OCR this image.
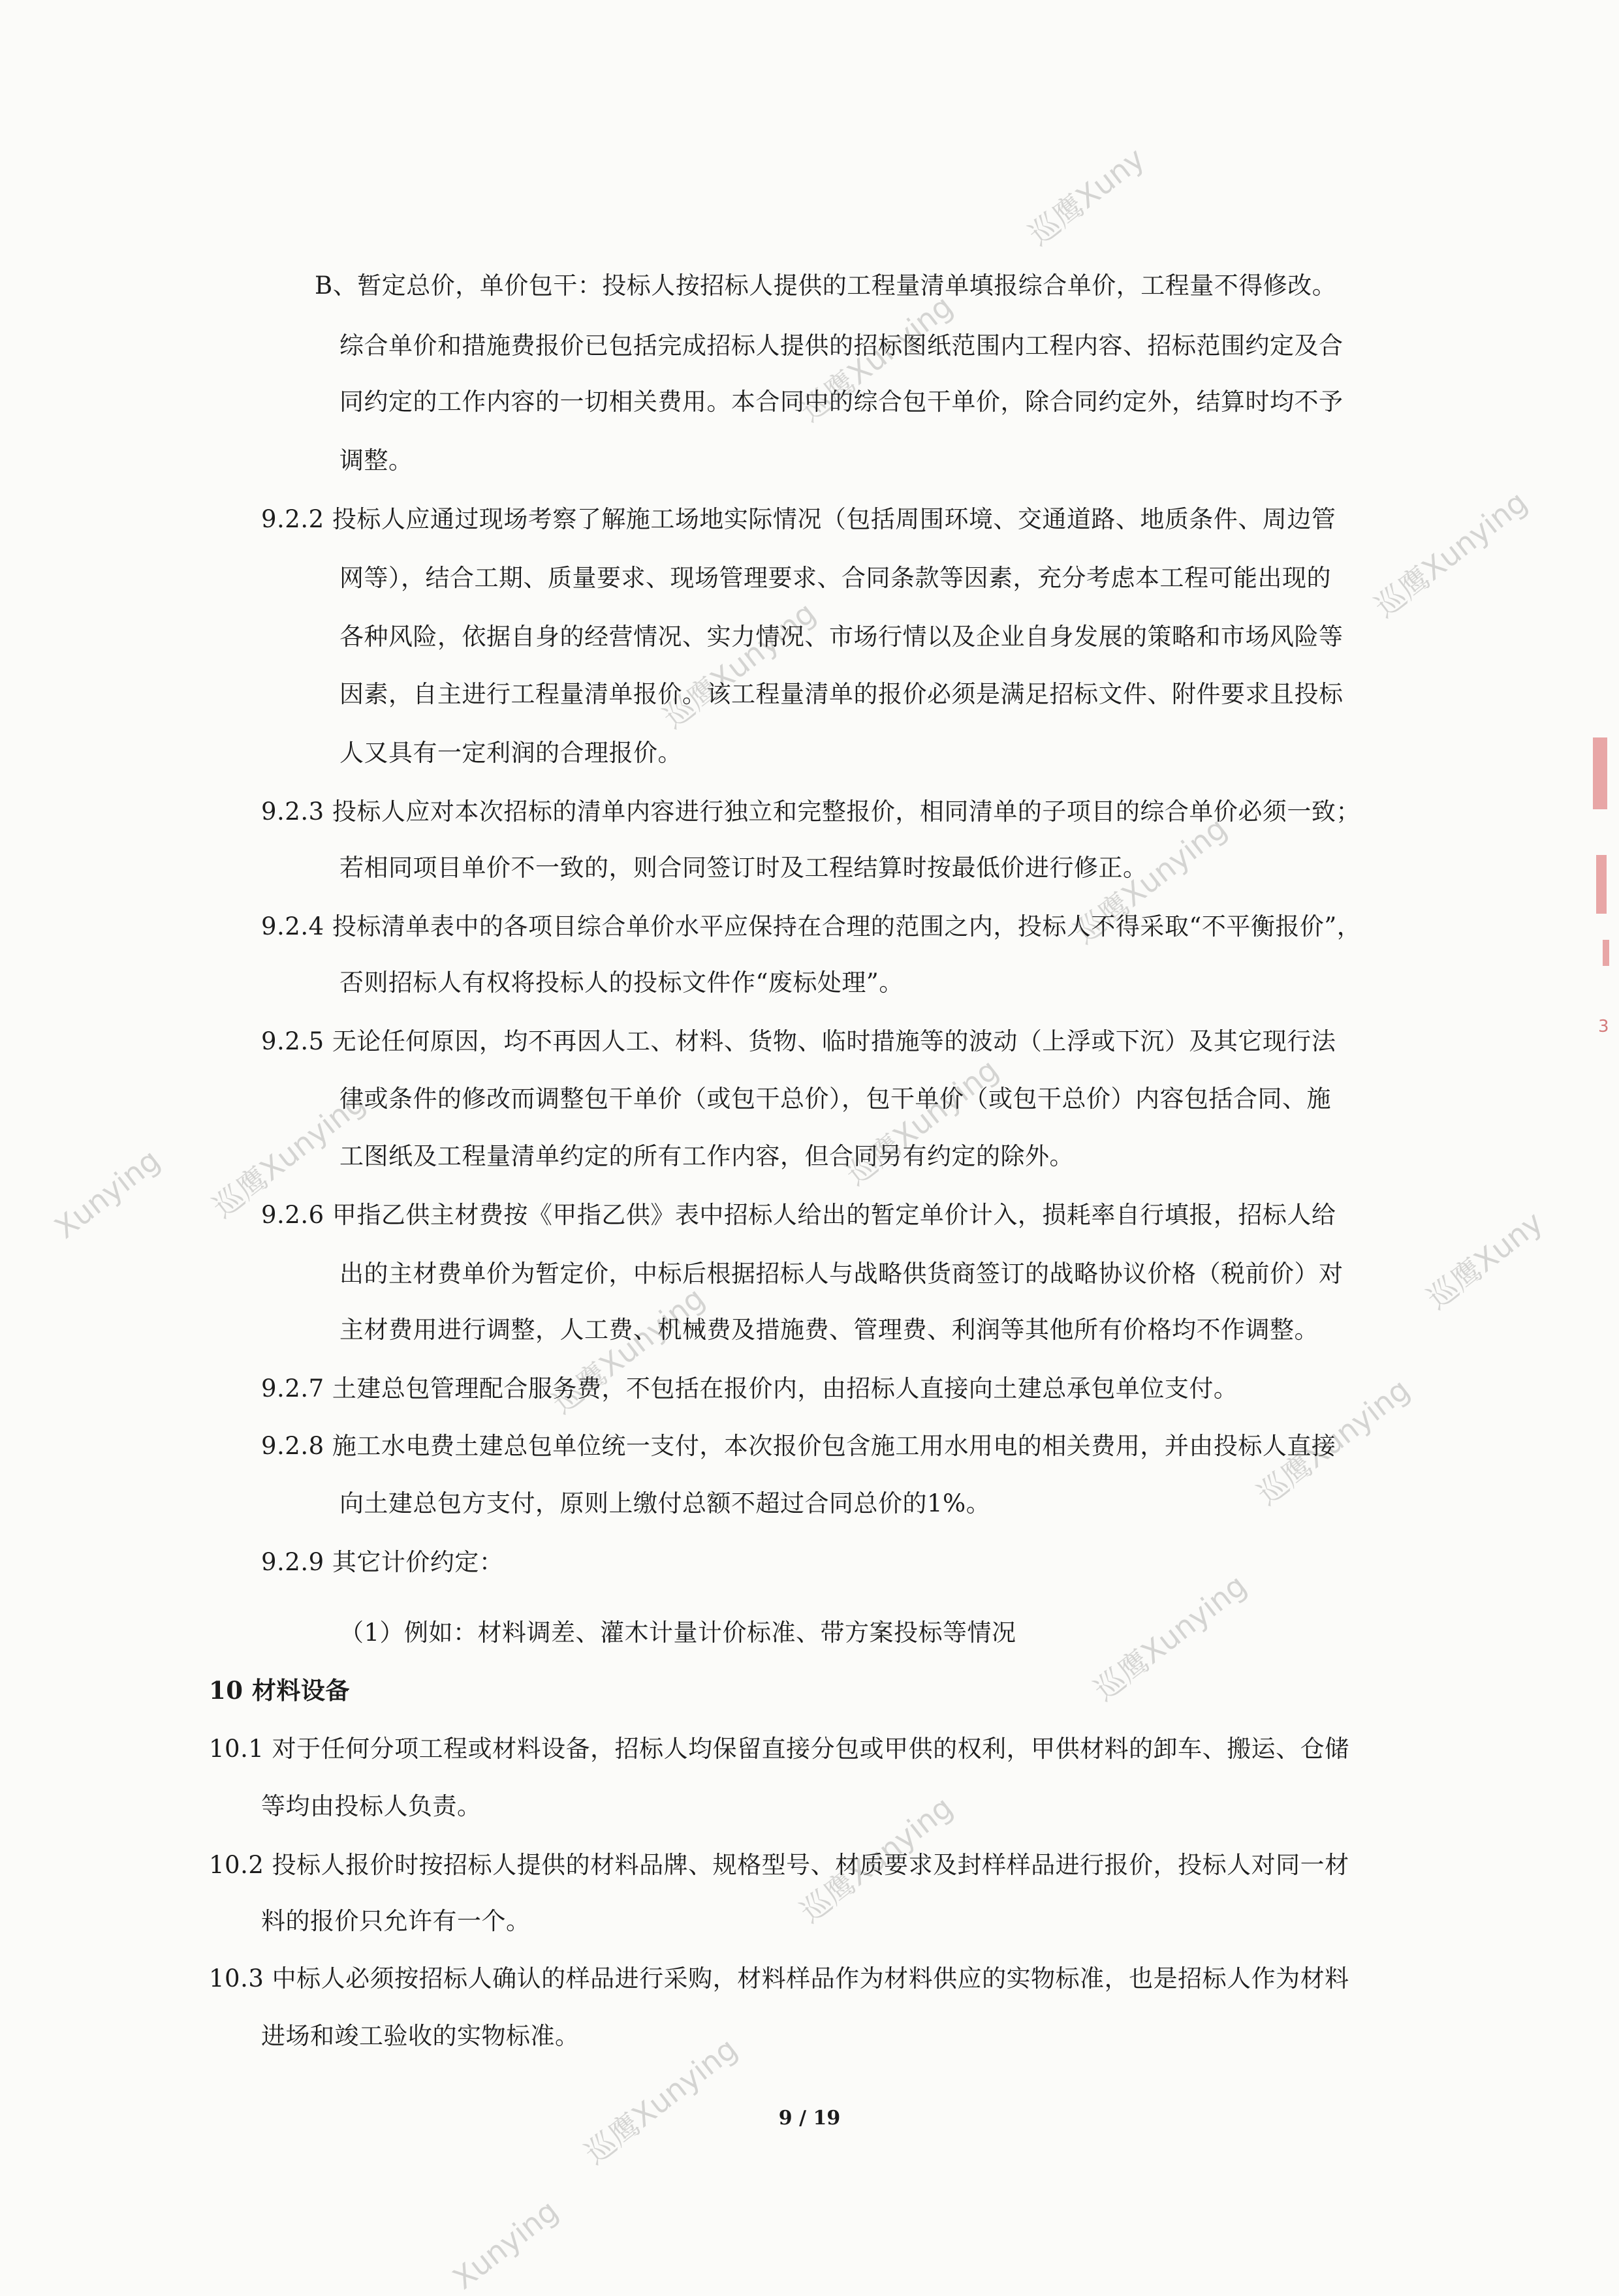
巡鹰Xuny
巡鹰Xunying
巡鹰Xunying
巡鹰Xunying
巡鹰Xunying
巡鹰Xunying
巡鹰Xunying
Xunying
巡鹰Xunying
巡鹰Xuny
巡鹰Xunying
巡鹰Xunying
巡鹰Xunying
巡鹰Xunying
Xunying
3
B、暂定总价，单价包干：投标人按招标人提供的工程量清单填报综合单价，工程量不得修改。
综合单价和措施费报价已包括完成招标人提供的招标图纸范围内工程内容、招标范围约定及合
同约定的工作内容的一切相关费用。本合同中的综合包干单价，除合同约定外，结算时均不予
调整。
9.2.2 投标人应通过现场考察了解施工场地实际情况（包括周围环境、交通道路、地质条件、周边管
网等），结合工期、质量要求、现场管理要求、合同条款等因素，充分考虑本工程可能出现的
各种风险，依据自身的经营情况、实力情况、市场行情以及企业自身发展的策略和市场风险等
因素，自主进行工程量清单报价。该工程量清单的报价必须是满足招标文件、附件要求且投标
人又具有一定利润的合理报价。
9.2.3 投标人应对本次招标的清单内容进行独立和完整报价，相同清单的子项目的综合单价必须一致；
若相同项目单价不一致的，则合同签订时及工程结算时按最低价进行修正。
9.2.4 投标清单表中的各项目综合单价水平应保持在合理的范围之内，投标人不得采取“不平衡报价”，
否则招标人有权将投标人的投标文件作“废标处理”。
9.2.5 无论任何原因，均不再因人工、材料、货物、临时措施等的波动（上浮或下沉）及其它现行法
律或条件的修改而调整包干单价（或包干总价），包干单价（或包干总价）内容包括合同、施
工图纸及工程量清单约定的所有工作内容，但合同另有约定的除外。
9.2.6 甲指乙供主材费按《甲指乙供》表中招标人给出的暂定单价计入，损耗率自行填报，招标人给
出的主材费单价为暂定价，中标后根据招标人与战略供货商签订的战略协议价格（税前价）对
主材费用进行调整，人工费、机械费及措施费、管理费、利润等其他所有价格均不作调整。
9.2.7 土建总包管理配合服务费，不包括在报价内，由招标人直接向土建总承包单位支付。
9.2.8 施工水电费土建总包单位统一支付，本次报价包含施工用水用电的相关费用，并由投标人直接
向土建总包方支付，原则上缴付总额不超过合同总价的1%。
9.2.9 其它计价约定：
（1）例如：材料调差、灌木计量计价标准、带方案投标等情况
10 材料设备
10.1 对于任何分项工程或材料设备，招标人均保留直接分包或甲供的权利，甲供材料的卸车、搬运、仓储
等均由投标人负责。
10.2 投标人报价时按招标人提供的材料品牌、规格型号、材质要求及封样样品进行报价，投标人对同一材
料的报价只允许有一个。
10.3 中标人必须按招标人确认的样品进行采购，材料样品作为材料供应的实物标准，也是招标人作为材料
进场和竣工验收的实物标准。
9 / 19
